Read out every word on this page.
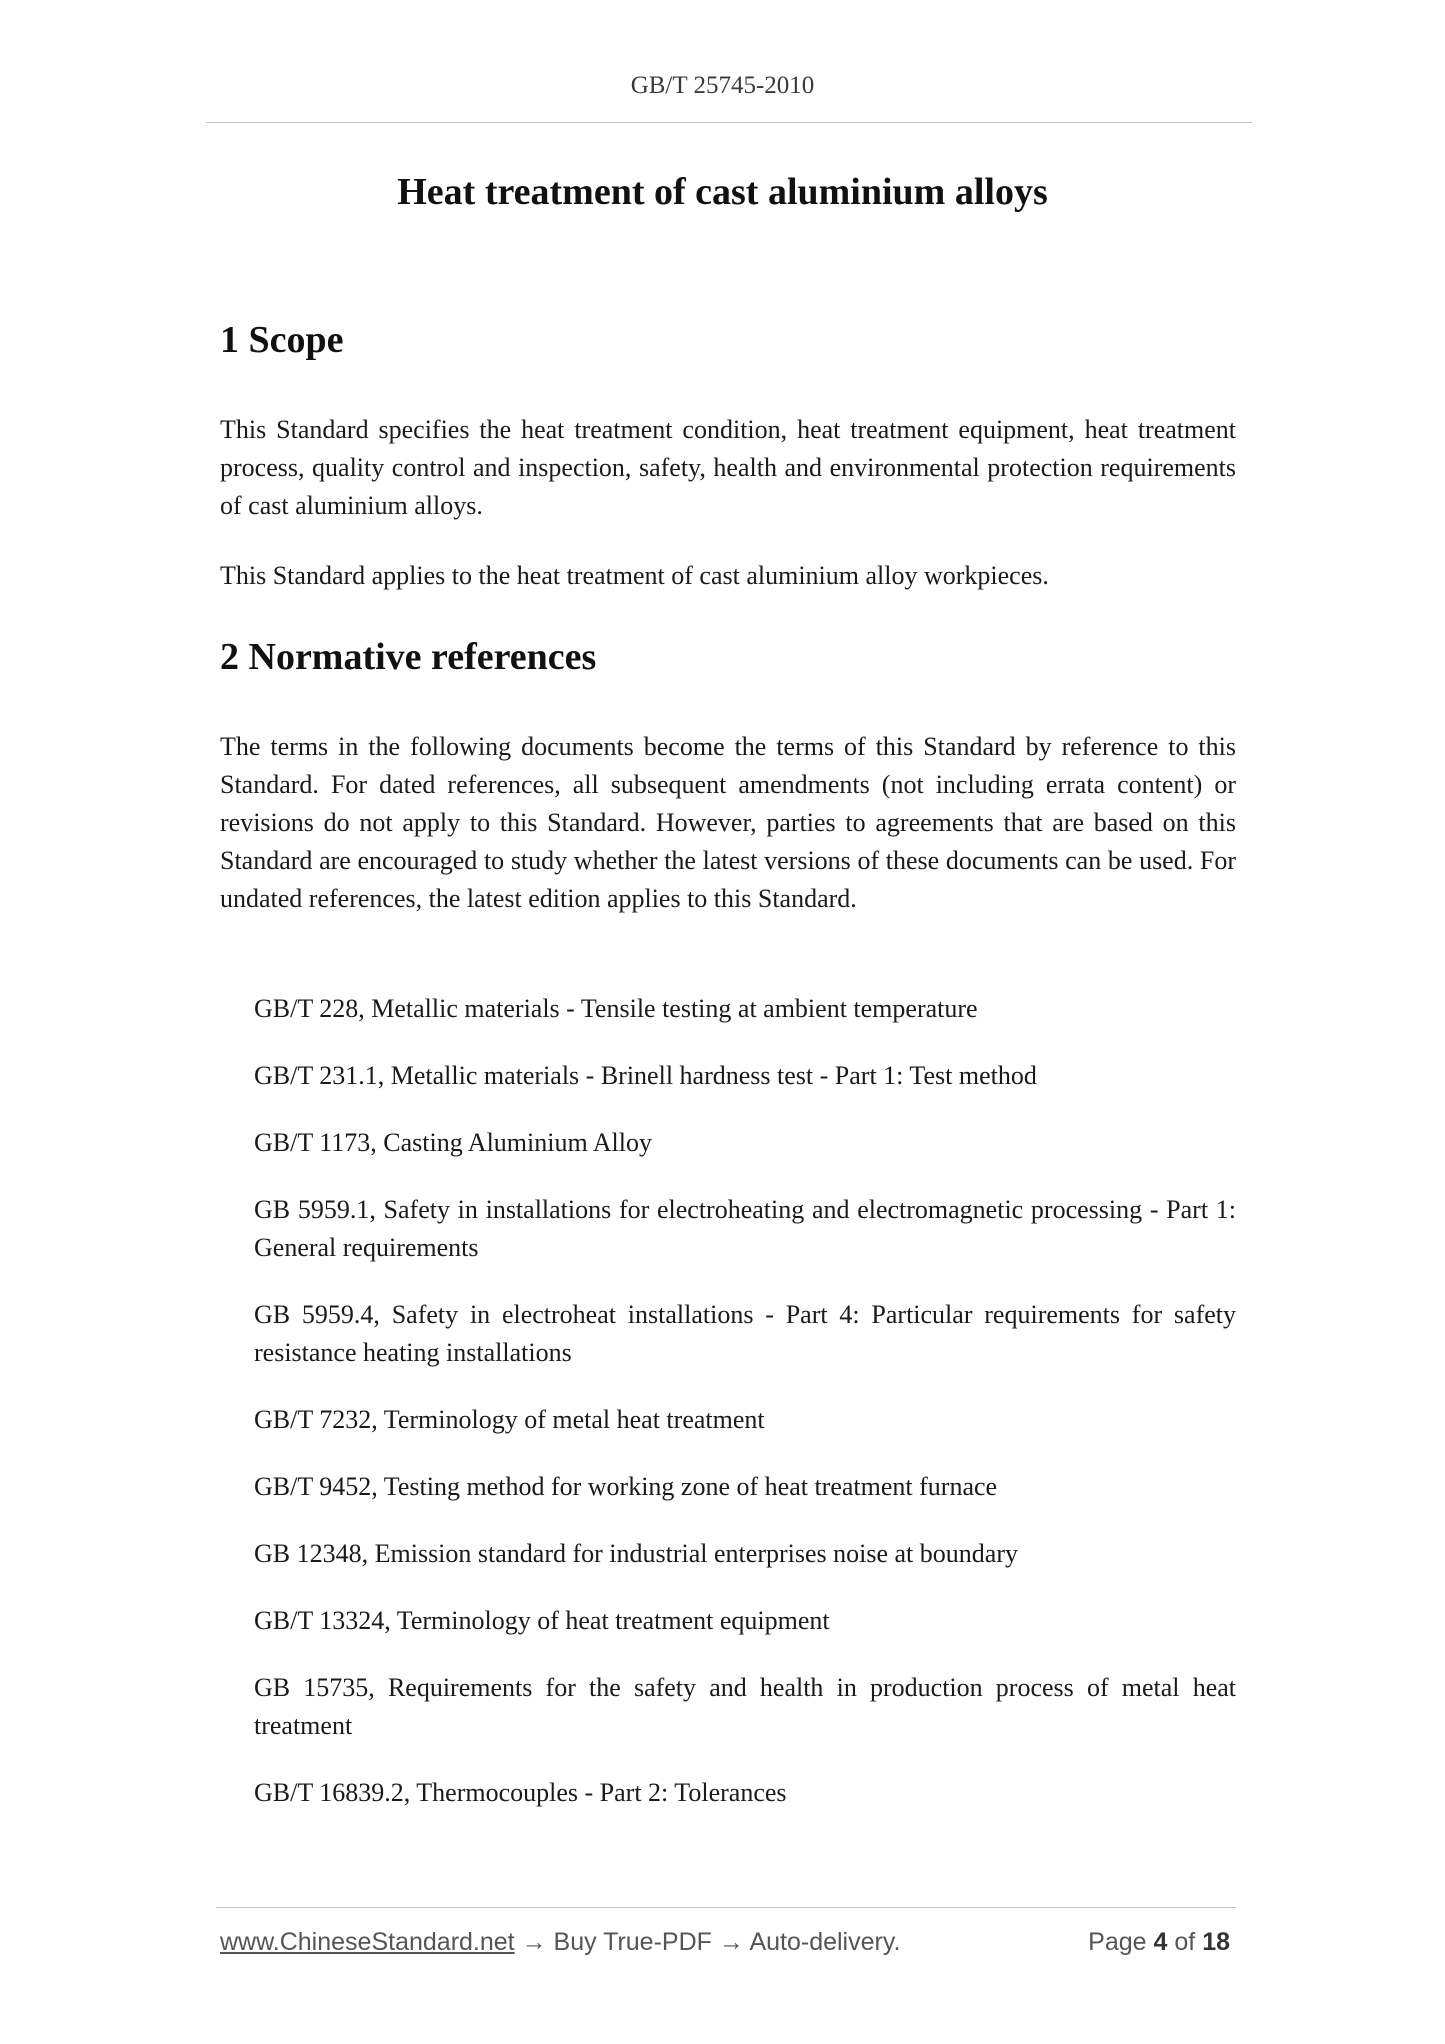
GB/T 25745-2010
Heat treatment of cast aluminium alloys
1 Scope

This Standard specifies the heat treatment condition, heat treatment equipment, heat treatment process, quality control and inspection, safety, health and environmental protection requirements of cast aluminium alloys.

This Standard applies to the heat treatment of cast aluminium alloy workpieces.

2 Normative references

The terms in the following documents become the terms of this Standard by reference to this Standard. For dated references, all subsequent amendments (not including errata content) or revisions do not apply to this Standard. However, parties to agreements that are based on this Standard are encouraged to study whether the latest versions of these documents can be used. For undated references, the latest edition applies to this Standard.

GB/T 228, Metallic materials - Tensile testing at ambient temperature
GB/T 231.1, Metallic materials - Brinell hardness test - Part 1: Test method
GB/T 1173, Casting Aluminium Alloy
GB 5959.1, Safety in installations for electroheating and electromagnetic processing - Part 1: General requirements
GB 5959.4, Safety in electroheat installations - Part 4: Particular requirements for safety resistance heating installations
GB/T 7232, Terminology of metal heat treatment
GB/T 9452, Testing method for working zone of heat treatment furnace
GB 12348, Emission standard for industrial enterprises noise at boundary
GB/T 13324, Terminology of heat treatment equipment
GB 15735, Requirements for the safety and health in production process of metal heat treatment
GB/T 16839.2, Thermocouples - Part 2: Tolerances
www.ChineseStandard.net → Buy True-PDF → Auto-delivery.	Page 4 of 18
